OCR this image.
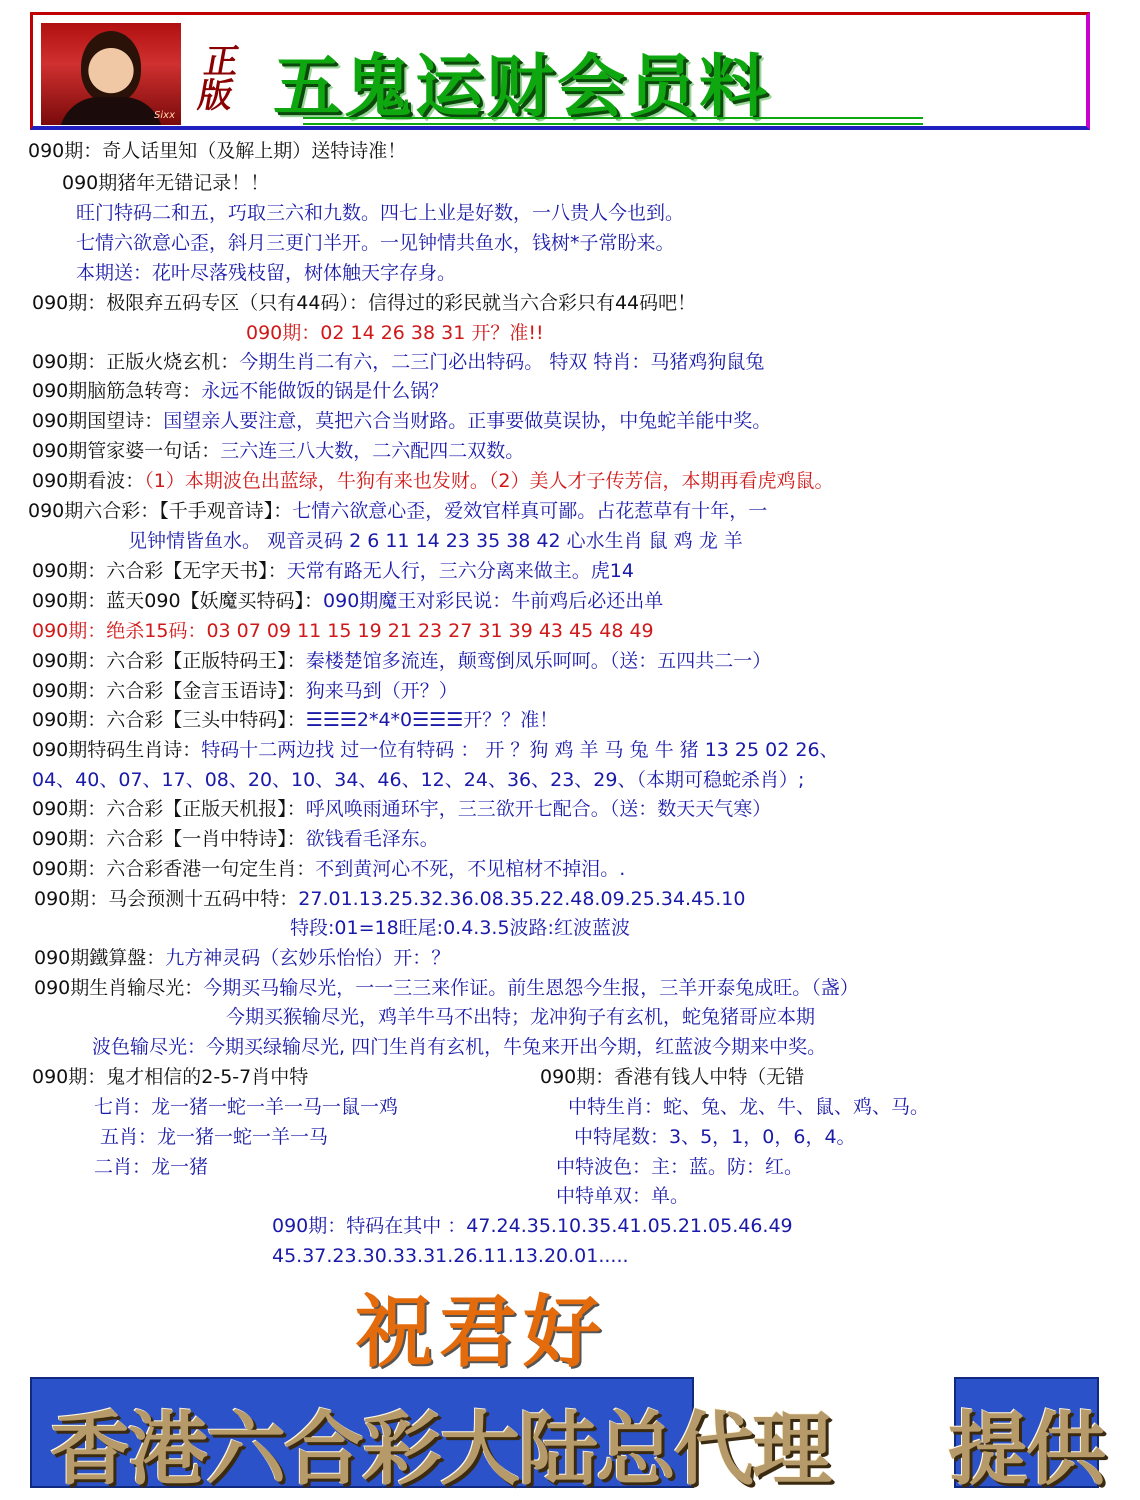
Sixx
正版 五鬼运财会员料
090期：奇人话里知（及解上期）送特诗准！
090期猪年无错记录！！
旺门特码二和五，巧取三六和九数。四七上业是好数，一八贵人今也到。
七情六欲意心歪，斜月三更门半开。一见钟情共鱼水，钱树*子常盼来。
本期送：花叶尽落残枝留，树体触天字存身。
090期：极限弃五码专区（只有44码）：信得过的彩民就当六合彩只有44码吧！
090期：02 14 26 38 31 开？准!!
090期：正版火烧玄机：今期生肖二有六，二三门必出特码。 特双 特肖：马猪鸡狗鼠兔
090期脑筋急转弯：永远不能做饭的锅是什么锅？
090期国望诗：国望亲人要注意，莫把六合当财路。正事要做莫误协，中兔蛇羊能中奖。
090期管家婆一句话：三六连三八大数，二六配四二双数。
090期看波：（1）本期波色出蓝绿，牛狗有来也发财。（2）美人才子传芳信，本期再看虎鸡鼠。
090期六合彩：【千手观音诗】：七情六欲意心歪，爱效官样真可鄙。占花惹草有十年，一
见钟情皆鱼水。 观音灵码 2 6 11 14 23 35 38 42 心水生肖 鼠 鸡 龙 羊
090期：六合彩【无字天书】：天常有路无人行，三六分离来做主。虎14
090期：蓝天090【妖魔买特码】：090期魔王对彩民说：牛前鸡后必还出单
090期：绝杀15码：03 07 09 11 15 19 21 23 27 31 39 43 45 48 49
090期：六合彩【正版特码王】：秦楼楚馆多流连，颠鸾倒凤乐呵呵。（送：五四共二一）
090期：六合彩【金言玉语诗】：狗来马到（开？）
090期：六合彩【三头中特码】：☰☰☰2*4*0☰☰☰开？？准！
090期特码生肖诗：特码十二两边找 过一位有特码 ： 开 ？狗 鸡 羊 马 兔 牛 猪 13 25 02 26、
04、40、07、17、08、20、10、34、46、12、24、36、23、29、（本期可稳蛇杀肖）;
090期：六合彩【正版天机报】：呼风唤雨通环宇，三三欲开七配合。（送：数天天气寒）
090期：六合彩【一肖中特诗】：欲钱看毛泽东。
090期：六合彩香港一句定生肖：不到黄河心不死，不见棺材不掉泪。.
090期：马会预测十五码中特：27.01.13.25.32.36.08.35.22.48.09.25.34.45.10
特段:01=18旺尾:0.4.3.5波路:红波蓝波
090期鐵算盤：九方神灵码（玄妙乐怡怡）开：？
090期生肖输尽光：今期买马输尽光，一一三三来作证。前生恩怨今生报，三羊开泰兔成旺。（盏）
今期买猴输尽光，鸡羊牛马不出特；龙冲狗子有玄机，蛇兔猪哥应本期
波色输尽光：今期买绿输尽光, 四门生肖有玄机，牛兔来开出今期，红蓝波今期来中奖。
090期：鬼才相信的2-5-7肖中特
七肖：龙一猪一蛇一羊一马一鼠一鸡
五肖：龙一猪一蛇一羊一马
二肖：龙一猪
090期：香港有钱人中特（无错
中特生肖：蛇、兔、龙、牛、鼠、鸡、马。
中特尾数：3、5，1，0，6，4。
中特波色：主：蓝。防：红。
中特单双：单。
090期：特码在其中 ：47.24.35.10.35.41.05.21.05.46.49
45.37.23.30.33.31.26.11.13.20.01.....
祝君好
香港六合彩大陆总代理 提供
